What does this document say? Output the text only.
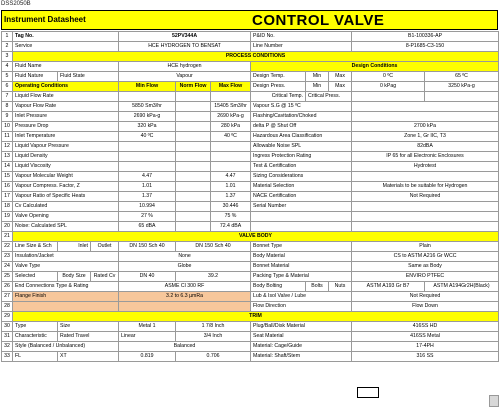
DSS2050B
Instrument Datasheet	CONTROL VALVE
1	Tag No.			52PV344A			P&ID No.			B1-100336-AP	
2	Service			HCE HYDROGEN TO BENSAT			Line Number			8-P1685-C3-150	
3	PROCESS CONDITIONS										
4	Fluid Name			HCE hydrogen			Design Conditions				
5	Fluid Nature	Fluid State		Vapour			Design Temp.	Min	Max	0 ºC	65 ºC
6	Operating Conditions			Min Flow	Norm Flow	Max Flow	Design Press.	Min	Max	0 kPag	3250 kPa-g
7	Liquid Flow Rate						Critical Temp.	Critical Press.			
8	Vapour Flow Rate			5850 Sm3/hr		15405 Sm3/hr	Vapour S.G @ 15 ºC				
9	Inlet Pressure			2690 kPa-g		2690 kPa-g	Flashing/Cavitation/Choked				
10	Pressure Drop			320 kPa		280 kPa	delta P @ Shut Off			2700 kPa	
11	Inlet Temperature			40 ºC		40 ºC	Hazardous Area Classification			Zone 1, Gr IIC, T3	
12	Liquid Vapour Pressure						Allowable Noise SPL			82dBA	
13	Liquid Density						Ingress Protection Rating			IP 65 for all Electronic Enclosures	
14	Liquid Viscosity						Test & Certification			Hydrotest	
15	Vapour Molecular Weight			4.47		4.47	Sizing Considerations				
16	Vapour Compress. Factor, Z			1.01		1.01	Material Selection			Materials to be suitable for Hydrogen	
17	Vapour Ratio of Specific Heats			1.37		1.37	NACE Certification			Not Required	
18	Cv Calculated			10.994		30.446	Serial Number				
19	Valve Opening			27 %		75 %					
20	Noise: Calculated SPL			65 dBA		72.4 dBA					
21	VALVE BODY										
22	Line Size & Sch	Inlet	Outlet	DN 150 Sch 40	DN 150 Sch 40		Bonnet Type			Plain	
23	Insulation/Jacket			None			Body Material			CS to ASTM A216 Gr WCC	
24	Valve Type			Globe			Bonnet Material			Same as Body	
25	Selected	Body Size	Rated Cv	DN 40	39.2		Packing Type & Material			ENVIRO PTFEC	
26	End Connections Type & Rating			ASME Cl 300 RF			Body Bolting	Bolts	Nuts	ASTM A193 Gr B7	ASTM A194Gr2H(Black)
27	Flange Finish			3.2 to 6.3 µmRa			Lub & Isol Valve / Lube			Not Required	
28							Flow Direction			Flow Down	
29	TRIM										
30	Type	Size		Metal 1	1 7/8 Inch		Plug/Ball/Disk Material			416SS HD	
31	Characteristic	Rated Travel		Linear	3/4 Inch		Seat Material			416SS Metal	
32	Style (Balanced / Unbalanced)			Balanced			Material: Cage/Guide			17-4PH	
33	FL	XT		0.819	0.706		Material: Shaft/Stem			316 SS	
